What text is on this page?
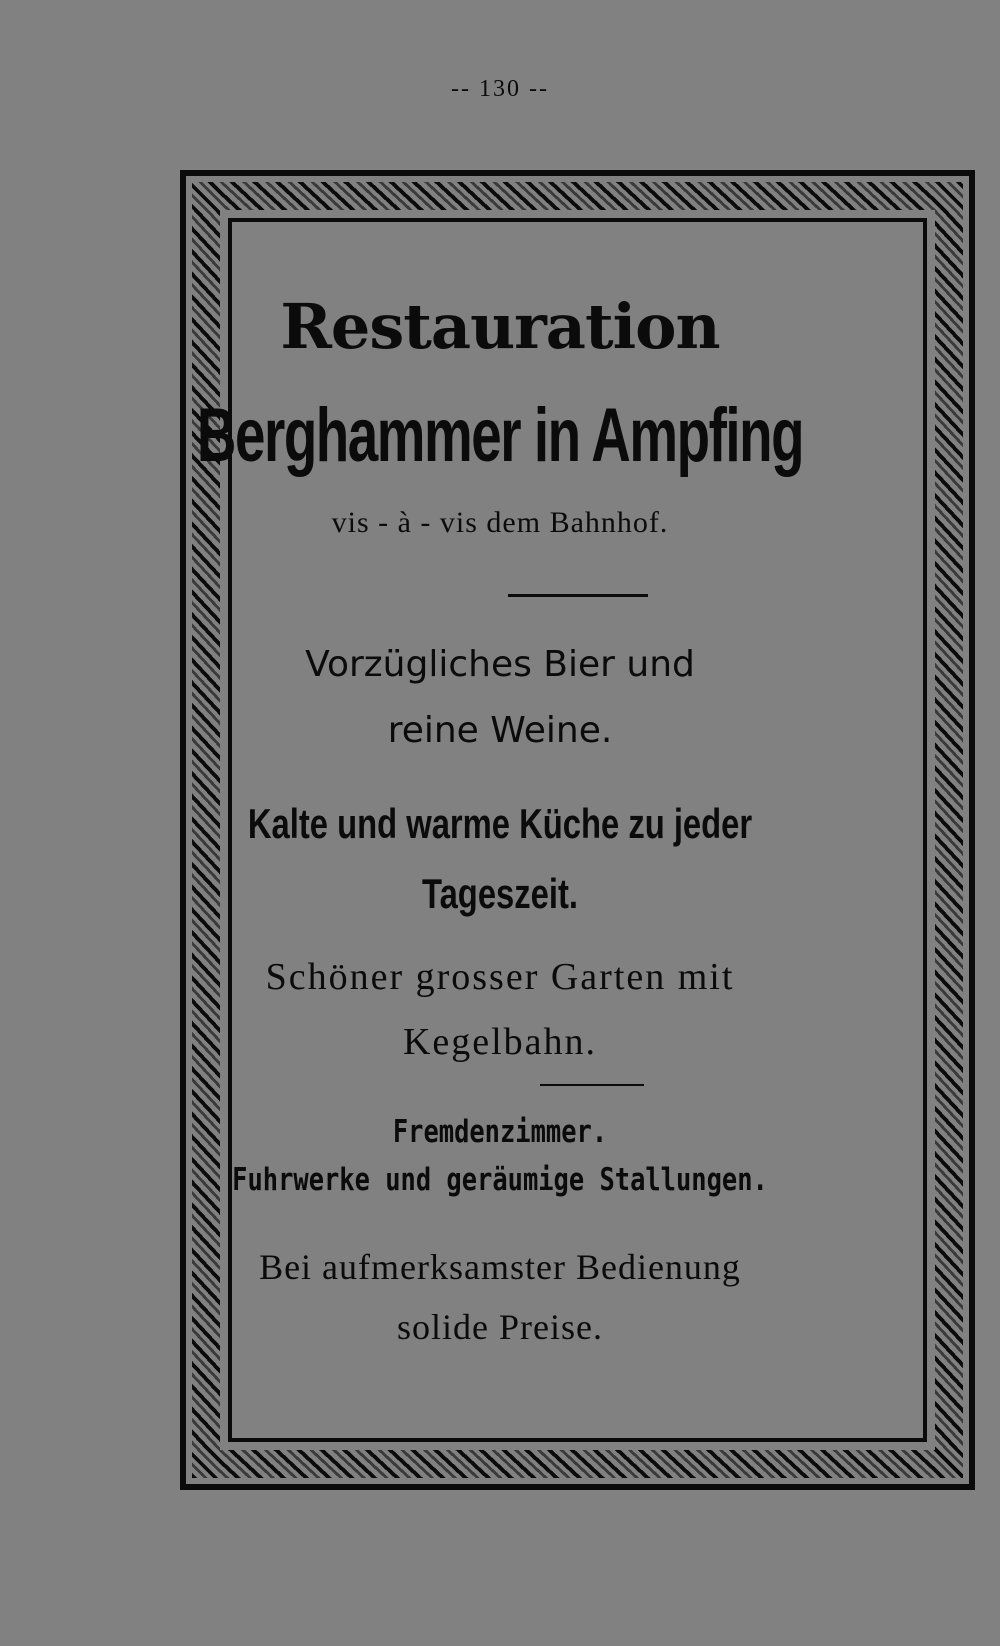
-- 130 --
Restauration
Berghammer in Ampfing
vis - à - vis dem Bahnhof.
Vorzügliches Bier und
reine Weine.
Kalte und warme Küche zu jeder
Tageszeit.
Schöner grosser Garten mit
Kegelbahn.
Fremdenzimmer.
Fuhrwerke und geräumige Stallungen.
Bei aufmerksamster Bedienung
solide Preise.
